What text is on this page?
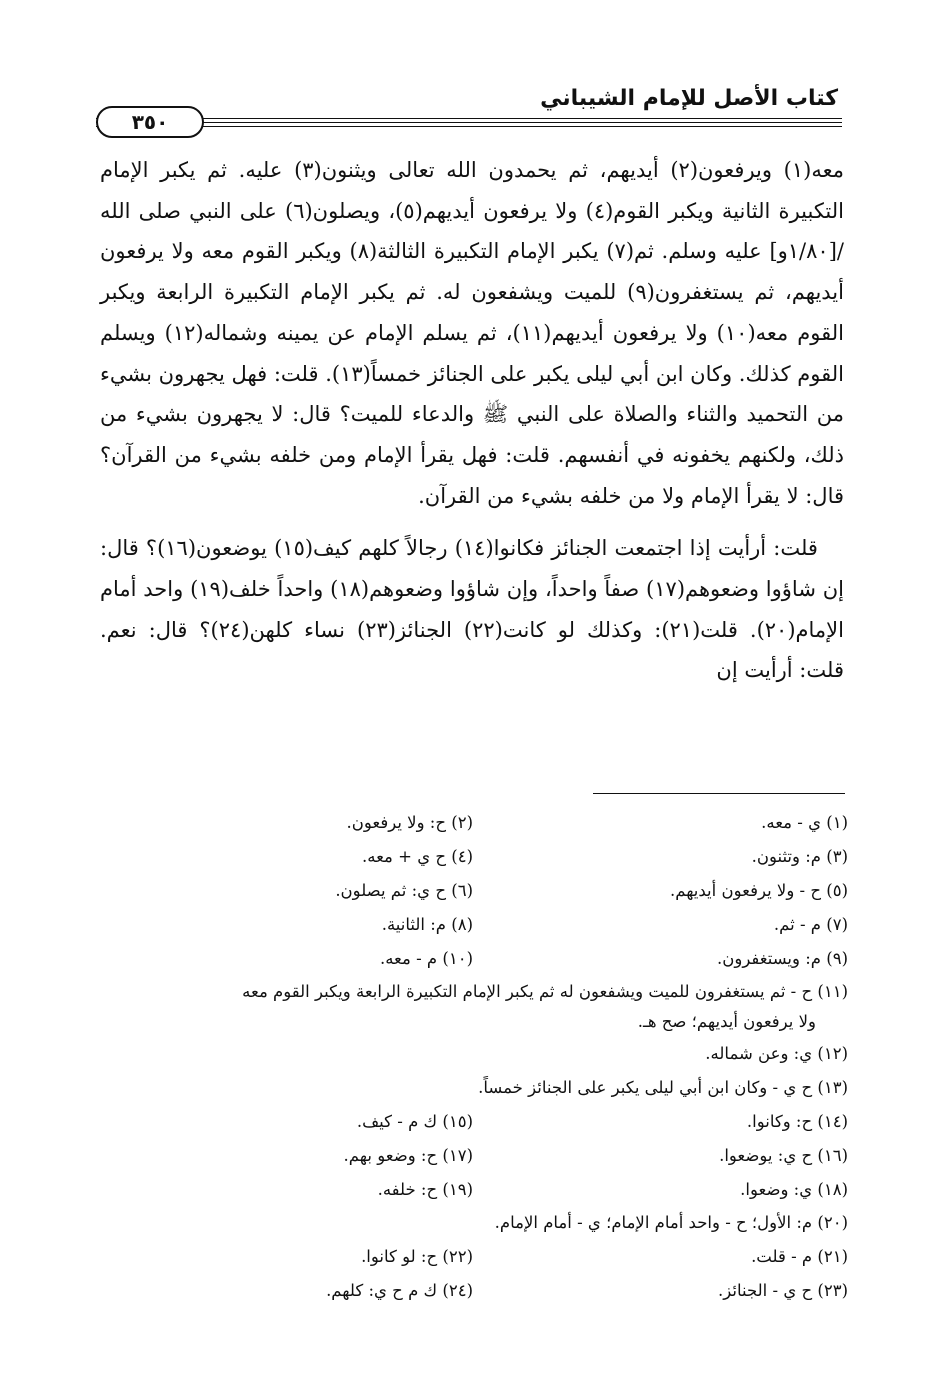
كتاب الأصل للإمام الشيباني
٣٥٠

معه(١) ويرفعون(٢) أيديهم، ثم يحمدون الله تعالى ويثنون(٣) عليه. ثم يكبر الإمام التكبيرة الثانية ويكبر القوم(٤) ولا يرفعون أيديهم(٥)، ويصلون(٦) على النبي صلى الله /[١/٨٠و] عليه وسلم. ثم(٧) يكبر الإمام التكبيرة الثالثة(٨) ويكبر القوم معه ولا يرفعون أيديهم، ثم يستغفرون(٩) للميت ويشفعون له. ثم يكبر الإمام التكبيرة الرابعة ويكبر القوم معه(١٠) ولا يرفعون أيديهم(١١)، ثم يسلم الإمام عن يمينه وشماله(١٢) ويسلم القوم كذلك. وكان ابن أبي ليلى يكبر على الجنائز خمساً(١٣). قلت: فهل يجهرون بشيء من التحميد والثناء والصلاة على النبي ﷺ والدعاء للميت؟ قال: لا يجهرون بشيء من ذلك، ولكنهم يخفونه في أنفسهم. قلت: فهل يقرأ الإمام ومن خلفه بشيء من القرآن؟ قال: لا يقرأ الإمام ولا من خلفه بشيء من القرآن.

قلت: أرأيت إذا اجتمعت الجنائز فكانوا(١٤) رجالاً كلهم كيف(١٥) يوضعون(١٦)؟ قال: إن شاؤوا وضعوهم(١٧) صفاً واحداً، وإن شاؤوا وضعوهم(١٨) واحداً خلف(١٩) واحد أمام الإمام(٢٠). قلت(٢١): وكذلك لو كانت(٢٢) الجنائز(٢٣) نساء كلهن(٢٤)؟ قال: نعم. قلت: أرأيت إن

(١) ي - معه.
(٢) ح: ولا يرفعون.
(٣) م: وتثنون.
(٤) ح ي + معه.
(٥) ح - ولا يرفعون أيديهم.
(٦) ح ي: ثم يصلون.
(٧) م - ثم.
(٨) م: الثانية.
(٩) م: ويستغفرون.
(١٠) م - معه.
(١١) ح - ثم يستغفرون للميت ويشفعون له ثم يكبر الإمام التكبيرة الرابعة ويكبر القوم معه
ولا يرفعون أيديهم؛ صح هـ.
(١٢) ي: وعن شماله.
(١٣) ح ي - وكان ابن أبي ليلى يكبر على الجنائز خمساً.
(١٤) ح: وكانوا.
(١٥) ك م - كيف.
(١٦) ح ي: يوضعوا.
(١٧) ح: وضعو بهم.
(١٨) ي: وضعوا.
(١٩) ح: خلفه.
(٢٠) م: الأول؛ ح - واحد أمام الإمام؛ ي - أمام الإمام.
(٢١) م - قلت.
(٢٢) ح: لو كانوا.
(٢٣) ح ي - الجنائز.
(٢٤) ك م ح ي: كلهم.
